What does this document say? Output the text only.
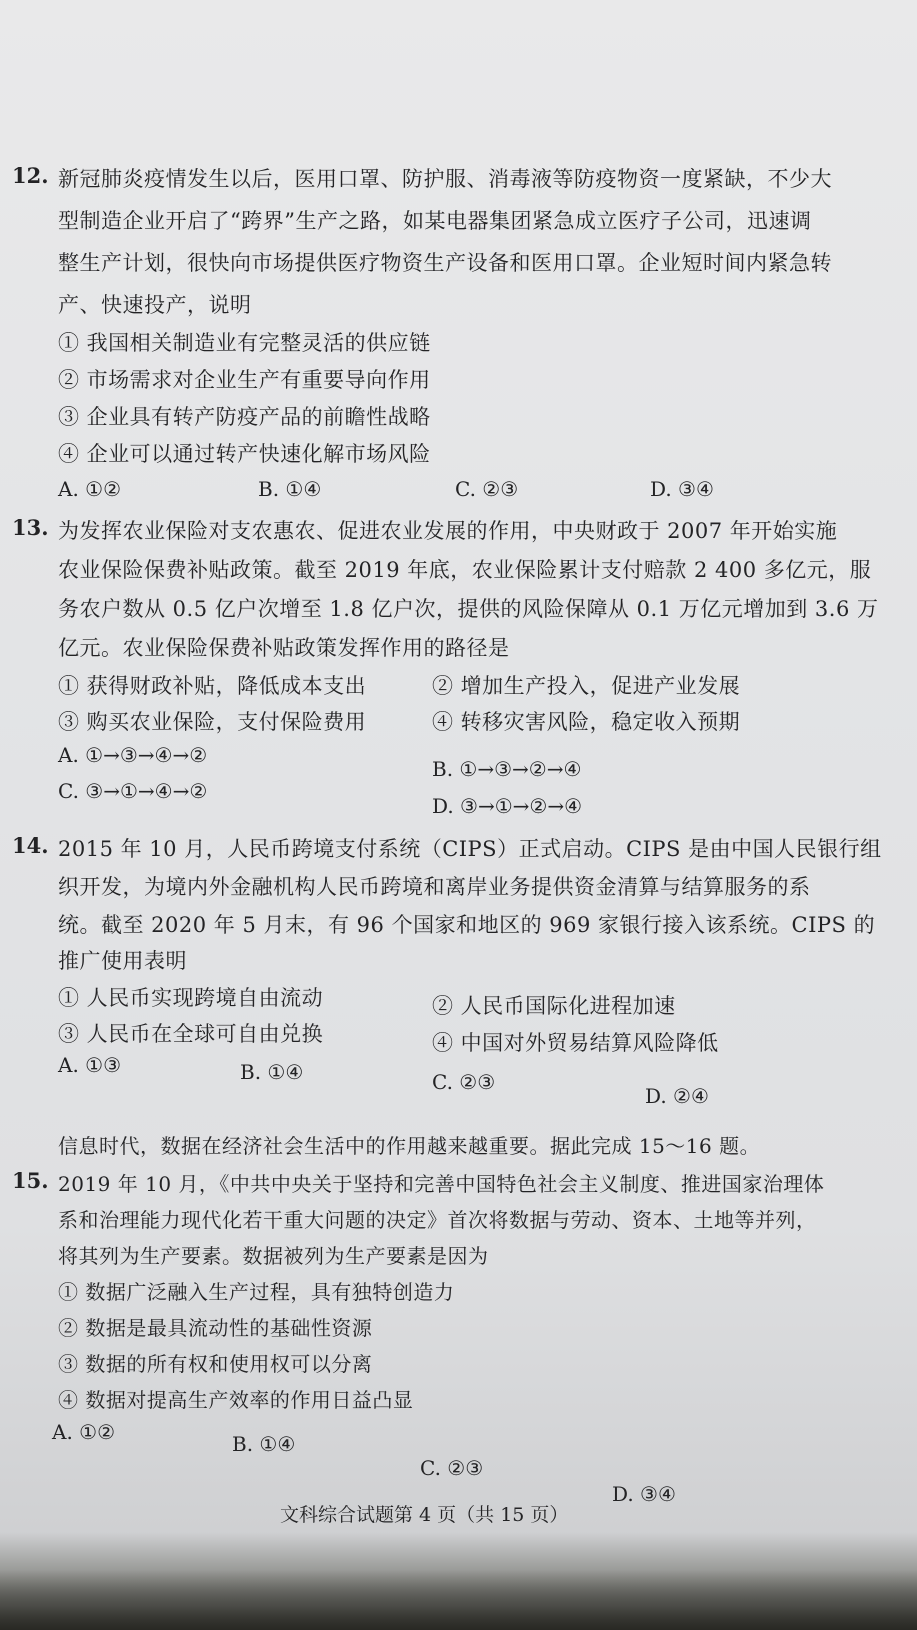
12. 新冠肺炎疫情发生以后，医用口罩、防护服、消毒液等防疫物资一度紧缺，不少大
型制造企业开启了“跨界”生产之路，如某电器集团紧急成立医疗子公司，迅速调
整生产计划，很快向市场提供医疗物资生产设备和医用口罩。企业短时间内紧急转
产、快速投产，说明
① 我国相关制造业有完整灵活的供应链
② 市场需求对企业生产有重要导向作用
③ 企业具有转产防疫产品的前瞻性战略
④ 企业可以通过转产快速化解市场风险
A. ①②	B. ①④	C. ②③	D. ③④
13. 为发挥农业保险对支农惠农、促进农业发展的作用，中央财政于 2007 年开始实施
农业保险保费补贴政策。截至 2019 年底，农业保险累计支付赔款 2 400 多亿元，服
务农户数从 0.5 亿户次增至 1.8 亿户次，提供的风险保障从 0.1 万亿元增加到 3.6 万
亿元。农业保险保费补贴政策发挥作用的路径是
① 获得财政补贴，降低成本支出	② 增加生产投入，促进产业发展
③ 购买农业保险，支付保险费用	④ 转移灾害风险，稳定收入预期
A. ①→③→④→②
B. ①→③→②→④
C. ③→①→④→②
D. ③→①→②→④
14. 2015 年 10 月，人民币跨境支付系统（CIPS）正式启动。CIPS 是由中国人民银行组
织开发，为境内外金融机构人民币跨境和离岸业务提供资金清算与结算服务的系
统。截至 2020 年 5 月末，有 96 个国家和地区的 969 家银行接入该系统。CIPS 的
推广使用表明
① 人民币实现跨境自由流动	② 人民币国际化进程加速
③ 人民币在全球可自由兑换	④ 中国对外贸易结算风险降低
A. ①③	B. ①④	C. ②③
D. ②④
信息时代，数据在经济社会生活中的作用越来越重要。据此完成 15～16 题。
15. 2019 年 10 月，《中共中央关于坚持和完善中国特色社会主义制度、推进国家治理体
系和治理能力现代化若干重大问题的决定》首次将数据与劳动、资本、土地等并列，
将其列为生产要素。数据被列为生产要素是因为
① 数据广泛融入生产过程，具有独特创造力
② 数据是最具流动性的基础性资源
③ 数据的所有权和使用权可以分离
④ 数据对提高生产效率的作用日益凸显
A. ①②	B. ①④
C. ②③
D. ③④
文科综合试题第 4 页（共 15 页）
